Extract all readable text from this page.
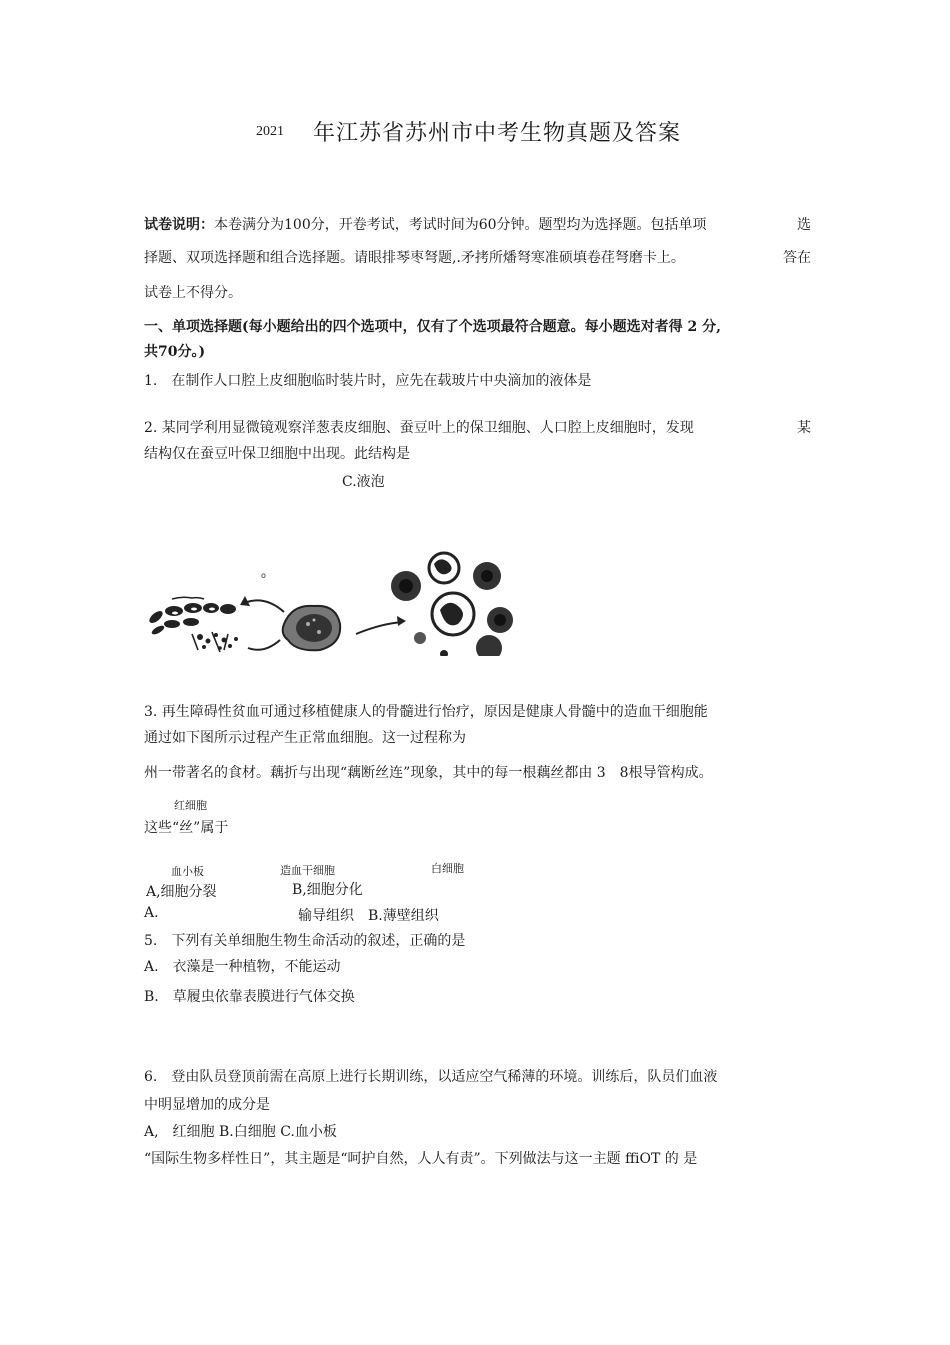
2021 年江苏省苏州市中考生物真题及答案
试卷说明：本卷满分为100分，开卷考试，考试时间为60分钟。题型均为选择题。包括单项	选
择题、双项选择题和组合选择题。请眼排琴枣弩题,.矛拷所燔弩寒准硕填卷荏弩磨卡上。	答在
试卷上不得分。
一、单项选择题(每小题给出的四个选项中，仅有了个选项最符合题意。每小题选对者得 2 分,
共70分。)
1.　在制作人口腔上皮细胞临时装片时，应先在载玻片中央滴加的液体是
2. 某同学利用显微镜观察洋葱表皮细胞、蚕豆叶上的保卫细胞、人口腔上皮细胞时，发现	某
结构仅在蚕豆叶保卫细胞中出现。此结构是
C.液泡
o
3. 再生障碍性贫血可通过移植健康人的骨髓进行怡疗，原因是健康人骨髓中的造血干细胞能
通过如下图所示过程产生正常血细胞。这一过程称为
州一带著名的食材。藕折与出现“藕断丝连”现象，其中的每一根藕丝都由 3　8根导管构成。
红细胞
这些“丝”属于
血小板	造血干细胞	白细胞
A,细胞分裂	B,细胞分化
A.	输导组织　B.薄壁组织
5.　下列有关单细胞生物生命活动的叙述，正确的是
A.　衣藻是一种植物，不能运动
B.　草履虫依靠表膜进行气体交换
6.　登由队员登顶前需在高原上进行长期训练，以适应空气稀薄的环境。训练后，队员们血液
中明显增加的成分是
A,　红细胞 B.白细胞 C.血小板
“国际生物多样性日”，其主题是“呵护自然，人人有责”。下列做法与这一主题 ffiOT 的 是
